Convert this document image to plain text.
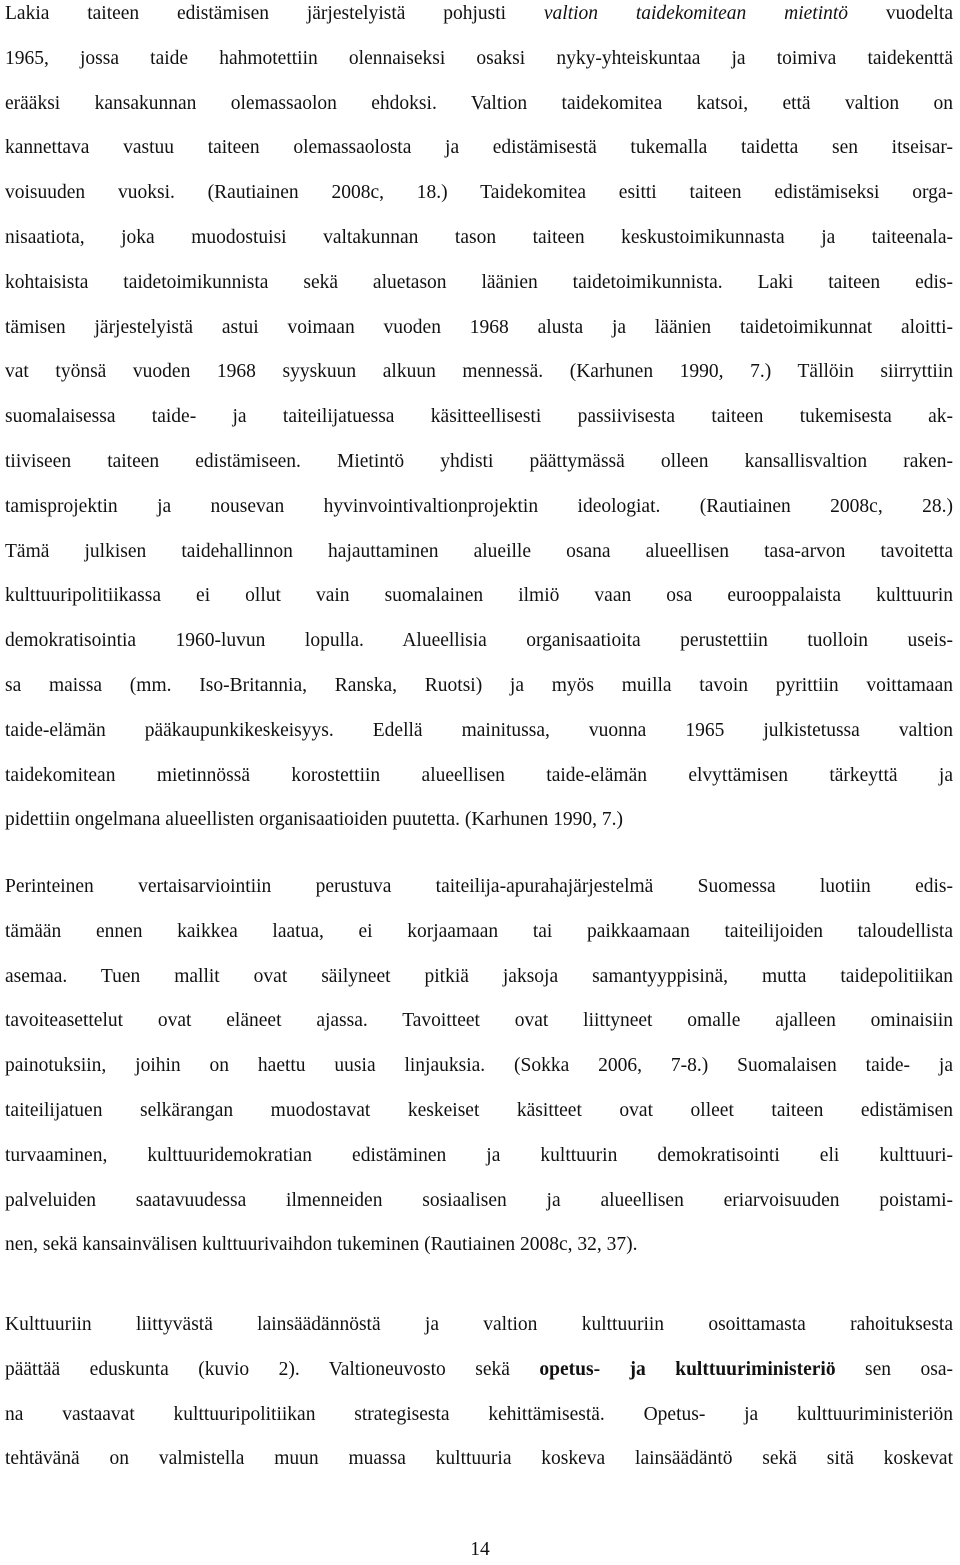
Lakia taiteen edistämisen järjestelyistä pohjusti valtion taidekomitean mietintö vuodelta
1965, jossa taide hahmotettiin olennaiseksi osaksi nyky-yhteiskuntaa ja toimiva taidekenttä
erääksi kansakunnan olemassaolon ehdoksi. Valtion taidekomitea katsoi, että valtion on
kannettava vastuu taiteen olemassaolosta ja edistämisestä tukemalla taidetta sen itseisar-
voisuuden vuoksi. (Rautiainen 2008c, 18.) Taidekomitea esitti taiteen edistämiseksi orga-
nisaatiota, joka muodostuisi valtakunnan tason taiteen keskustoimikunnasta ja taiteenala-
kohtaisista taidetoimikunnista sekä aluetason läänien taidetoimikunnista. Laki taiteen edis-
tämisen järjestelyistä astui voimaan vuoden 1968 alusta ja läänien taidetoimikunnat aloitti-
vat työnsä vuoden 1968 syyskuun alkuun mennessä. (Karhunen 1990, 7.) Tällöin siirryttiin
suomalaisessa taide- ja taiteilijatuessa käsitteellisesti passiivisesta taiteen tukemisesta ak-
tiiviseen taiteen edistämiseen. Mietintö yhdisti päättymässä olleen kansallisvaltion raken-
tamisprojektin ja nousevan hyvinvointivaltionprojektin ideologiat. (Rautiainen 2008c, 28.)
Tämä julkisen taidehallinnon hajauttaminen alueille osana alueellisen tasa-arvon tavoitetta
kulttuuripolitiikassa ei ollut vain suomalainen ilmiö vaan osa eurooppalaista kulttuurin
demokratisointia 1960-luvun lopulla. Alueellisia organisaatioita perustettiin tuolloin useis-
sa maissa (mm. Iso-Britannia, Ranska, Ruotsi) ja myös muilla tavoin pyrittiin voittamaan
taide-elämän pääkaupunkikeskeisyys. Edellä mainitussa, vuonna 1965 julkistetussa valtion
taidekomitean mietinnössä korostettiin alueellisen taide-elämän elvyttämisen tärkeyttä ja
pidettiin ongelmana alueellisten organisaatioiden puutetta. (Karhunen 1990, 7.)
Perinteinen vertaisarviointiin perustuva taiteilija-apurahajärjestelmä Suomessa luotiin edis-
tämään ennen kaikkea laatua, ei korjaamaan tai paikkaamaan taiteilijoiden taloudellista
asemaa. Tuen mallit ovat säilyneet pitkiä jaksoja samantyyppisinä, mutta taidepolitiikan
tavoiteasettelut ovat eläneet ajassa. Tavoitteet ovat liittyneet omalle ajalleen ominaisiin
painotuksiin, joihin on haettu uusia linjauksia. (Sokka 2006, 7-8.) Suomalaisen taide- ja
taiteilijatuen selkärangan muodostavat keskeiset käsitteet ovat olleet taiteen edistämisen
turvaaminen, kulttuuridemokratian edistäminen ja kulttuurin demokratisointi eli kulttuuri-
palveluiden saatavuudessa ilmenneiden sosiaalisen ja alueellisen eriarvoisuuden poistami-
nen, sekä kansainvälisen kulttuurivaihdon tukeminen (Rautiainen 2008c, 32, 37).
Kulttuuriin liittyvästä lainsäädännöstä ja valtion kulttuuriin osoittamasta rahoituksesta
päättää eduskunta (kuvio 2). Valtioneuvosto sekä opetus- ja kulttuuriministeriö sen osa-
na vastaavat kulttuuripolitiikan strategisesta kehittämisestä. Opetus- ja kulttuuriministeriön
tehtävänä on valmistella muun muassa kulttuuria koskeva lainsäädäntö sekä sitä koskevat
14
